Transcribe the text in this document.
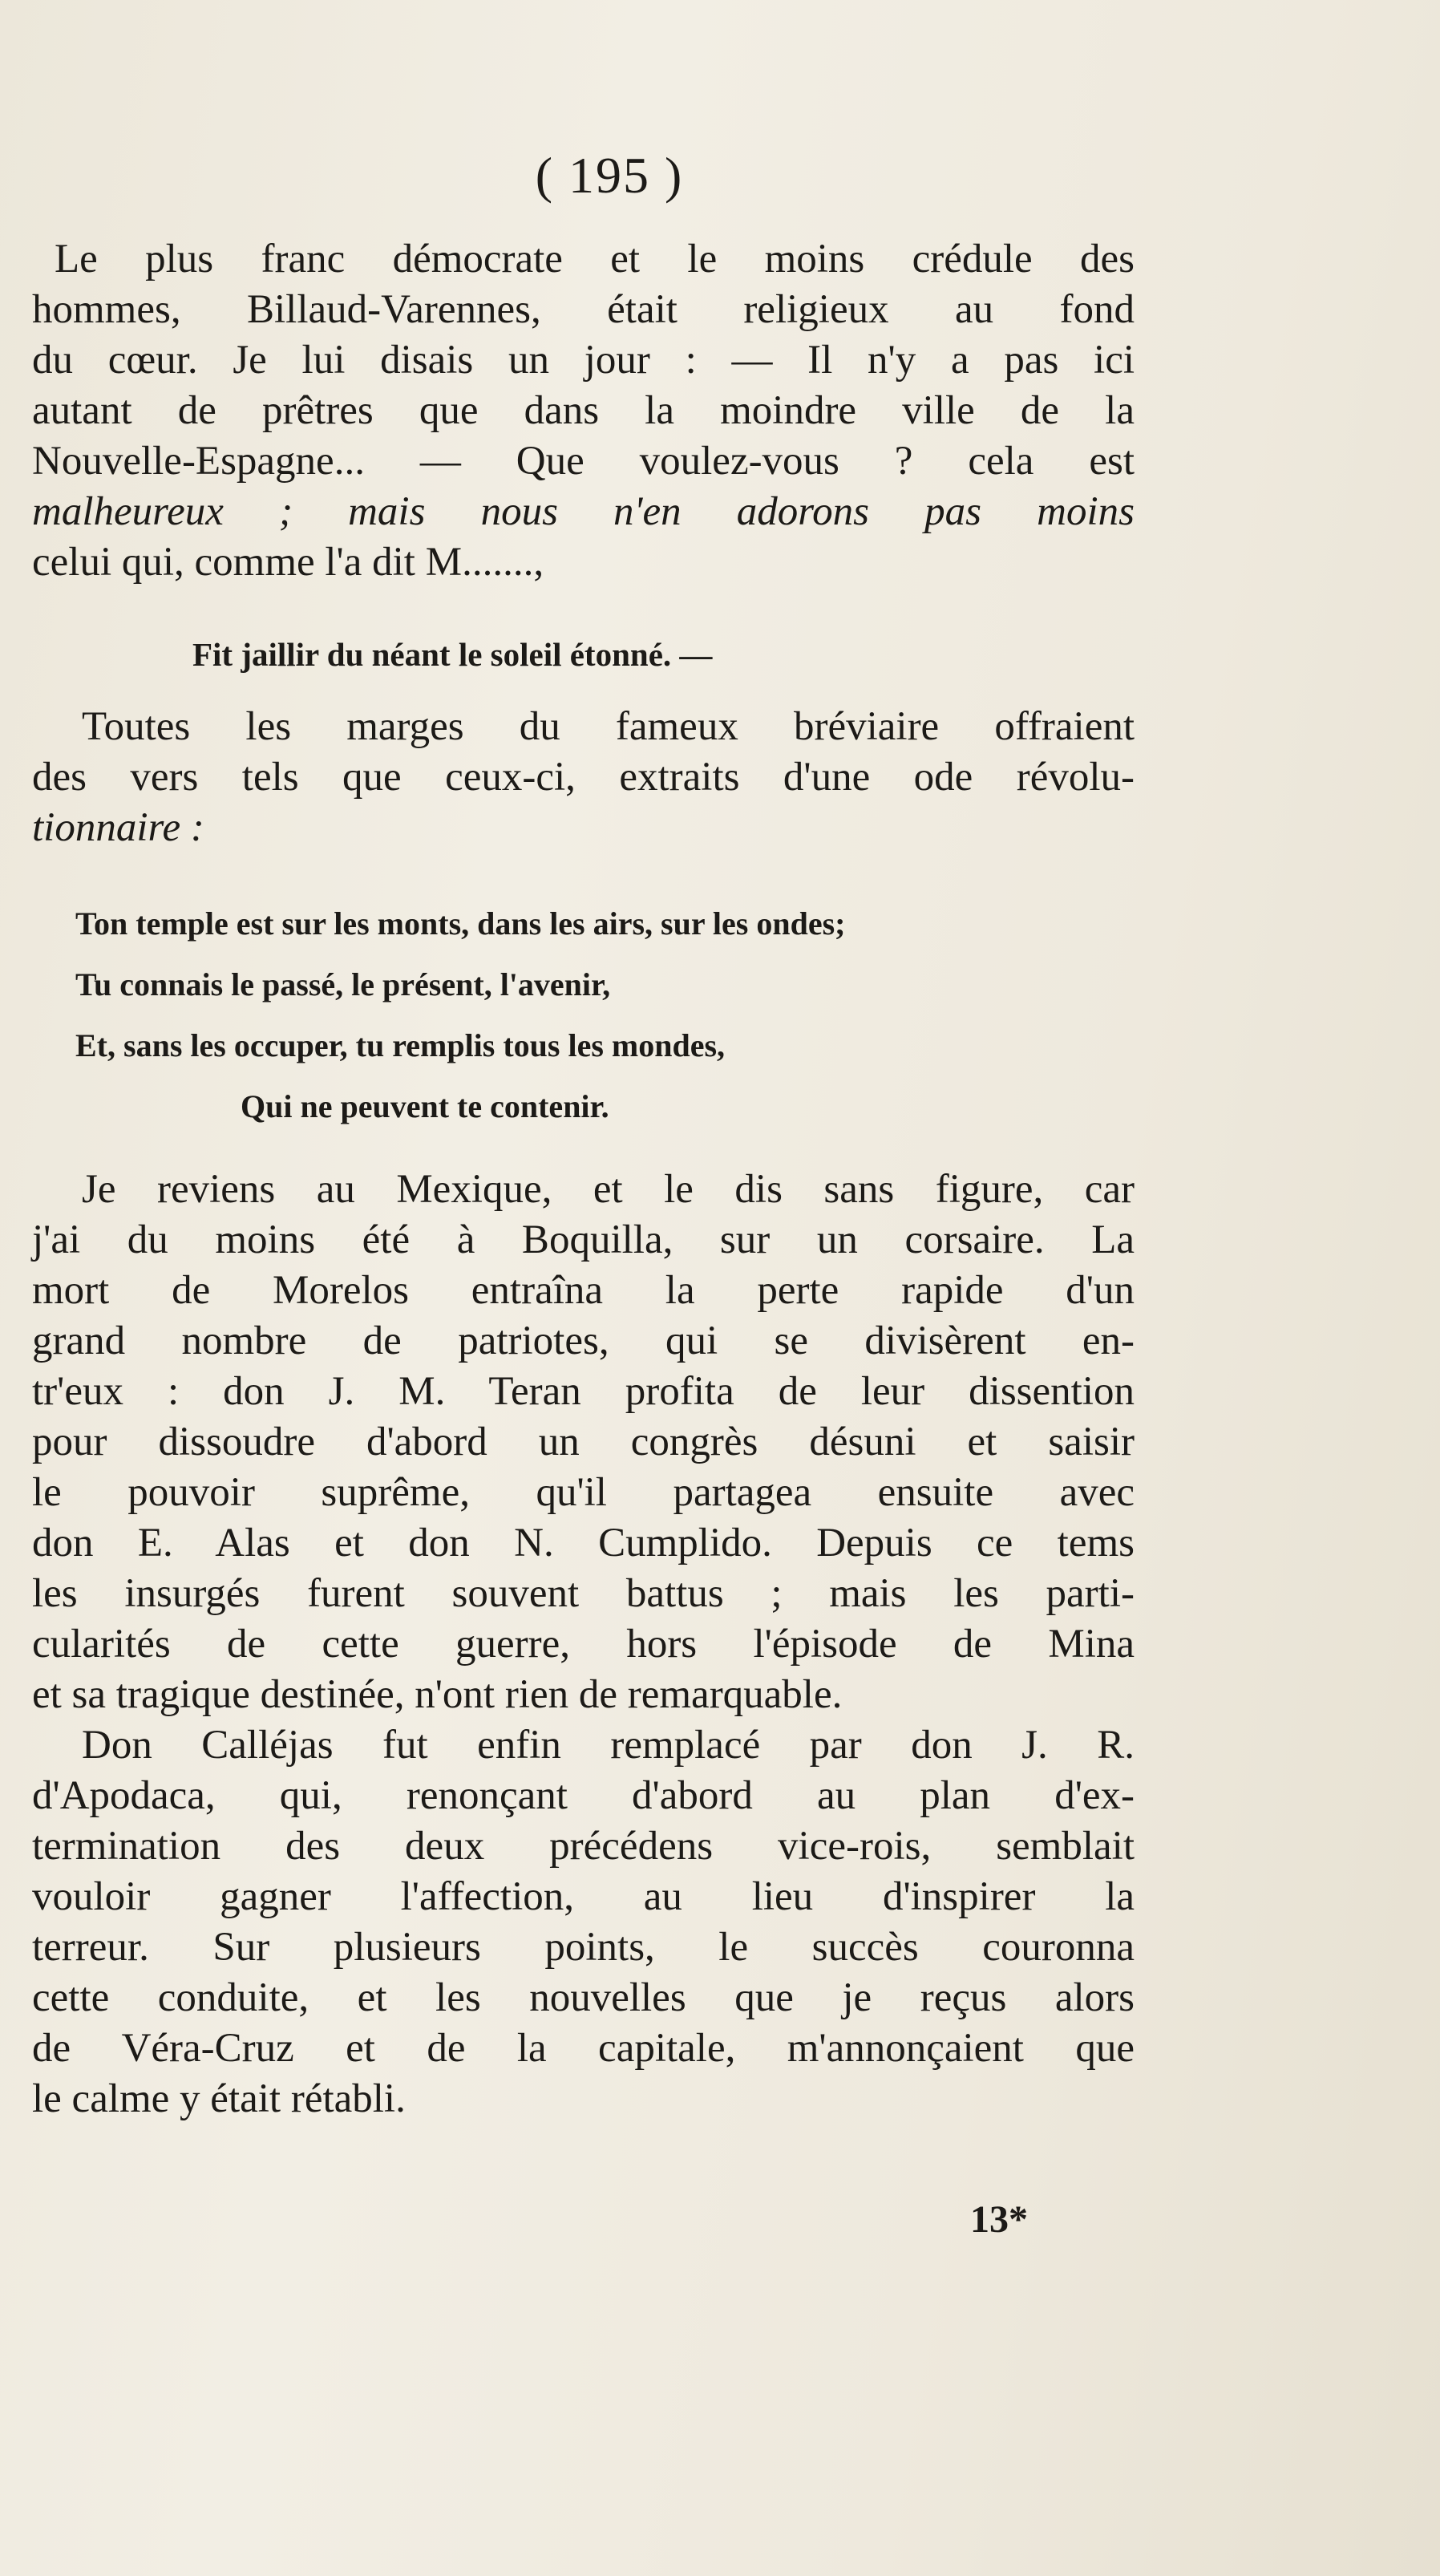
( 195 )
Le plus franc démocrate et le moins crédule des
hommes, Billaud-Varennes, était religieux au fond
du cœur. Je lui disais un jour : — Il n'y a pas ici
autant de prêtres que dans la moindre ville de la
Nouvelle-Espagne... — Que voulez-vous ? cela est
malheureux ; mais nous n'en adorons pas moins
celui qui, comme l'a dit M.......,
Fit jaillir du néant le soleil étonné. —
Toutes les marges du fameux bréviaire offraient
des vers tels que ceux-ci, extraits d'une ode révolu-
tionnaire :
Ton temple est sur les monts, dans les airs, sur les ondes;
Tu connais le passé, le présent, l'avenir,
Et, sans les occuper, tu remplis tous les mondes,
Qui ne peuvent te contenir.
Je reviens au Mexique, et le dis sans figure, car
j'ai du moins été à Boquilla, sur un corsaire. La
mort de Morelos entraîna la perte rapide d'un
grand nombre de patriotes, qui se divisèrent en-
tr'eux : don J. M. Teran profita de leur dissention
pour dissoudre d'abord un congrès désuni et saisir
le pouvoir suprême, qu'il partagea ensuite avec
don E. Alas et don N. Cumplido. Depuis ce tems
les insurgés furent souvent battus ; mais les parti-
cularités de cette guerre, hors l'épisode de Mina
et sa tragique destinée, n'ont rien de remarquable.
Don Calléjas fut enfin remplacé par don J. R.
d'Apodaca, qui, renonçant d'abord au plan d'ex-
termination des deux précédens vice-rois, semblait
vouloir gagner l'affection, au lieu d'inspirer la
terreur. Sur plusieurs points, le succès couronna
cette conduite, et les nouvelles que je reçus alors
de Véra-Cruz et de la capitale, m'annonçaient que
le calme y était rétabli.
13*
